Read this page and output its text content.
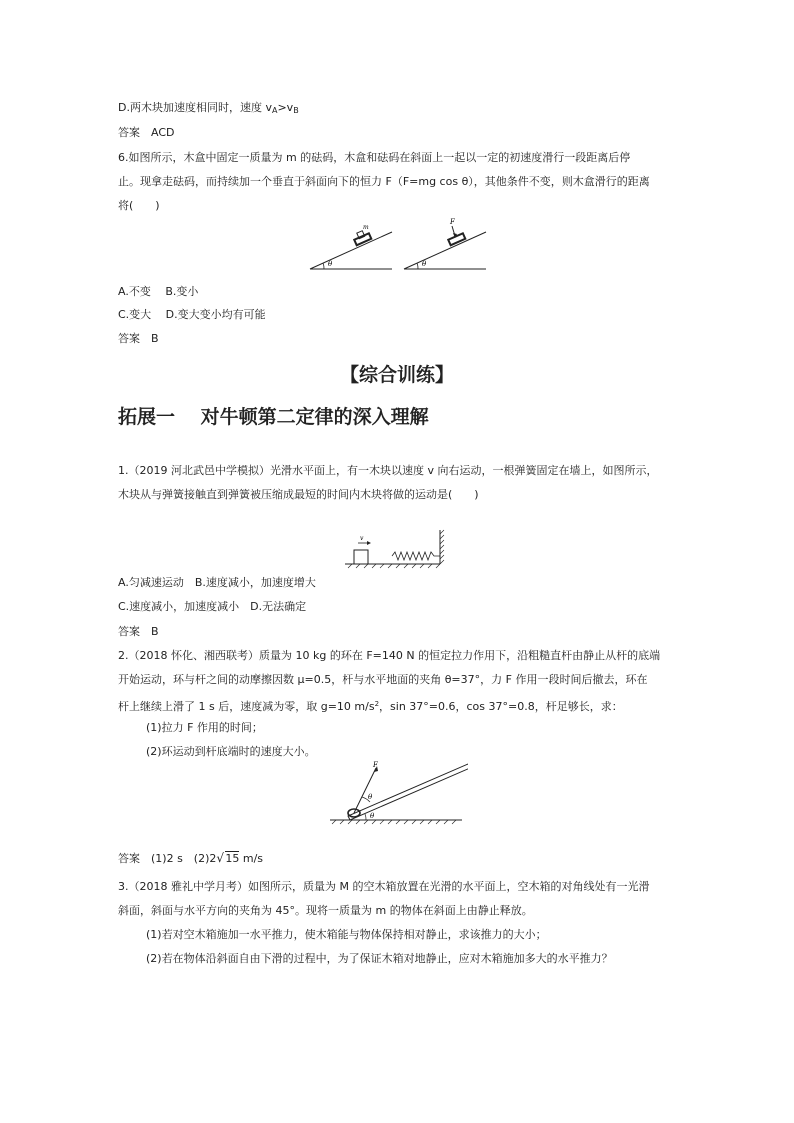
D.两木块加速度相同时，速度 $v_A>v_B$
答案　ACD
6.如图所示，木盒中固定一质量为 m 的砝码，木盒和砝码在斜面上一起以一定的初速度滑行一段距离后停
止。现拿走砝码，而持续加一个垂直于斜面向下的恒力 F（F=mg cos θ），其他条件不变，则木盒滑行的距离
将(　　)
θ
m
θ
F
A.不变　 B.变小
C.变大　 D.变大变小均有可能
答案　B
【综合训练】
拓展一　 对牛顿第二定律的深入理解
1.（2019 河北武邑中学模拟）光滑水平面上，有一木块以速度 v 向右运动，一根弹簧固定在墙上，如图所示，
木块从与弹簧接触直到弹簧被压缩成最短的时间内木块将做的运动是(　　)
v
A.匀减速运动　B.速度减小，加速度增大
C.速度减小，加速度减小　D.无法确定
答案　B
2.（2018 怀化、湘西联考）质量为 10 kg 的环在 F=140 N 的恒定拉力作用下，沿粗糙直杆由静止从杆的底端
开始运动，环与杆之间的动摩擦因数 μ=0.5，杆与水平地面的夹角 θ=37°，力 F 作用一段时间后撤去，环在
杆上继续上滑了 1 s 后，速度减为零，取 g=10 $m/s^2$，sin 37°=0.6，cos 37°=0.8，杆足够长，求：
(1)拉力 F 作用的时间；
(2)环运动到杆底端时的速度大小。
F
θ
θ
答案　(1)2 s　(2)2 √ 15 m/s
3.（2018 雅礼中学月考）如图所示，质量为 M 的空木箱放置在光滑的水平面上，空木箱的对角线处有一光滑
斜面，斜面与水平方向的夹角为 45°。现将一质量为 m 的物体在斜面上由静止释放。
(1)若对空木箱施加一水平推力，使木箱能与物体保持相对静止，求该推力的大小；
(2)若在物体沿斜面自由下滑的过程中，为了保证木箱对地静止，应对木箱施加多大的水平推力？
